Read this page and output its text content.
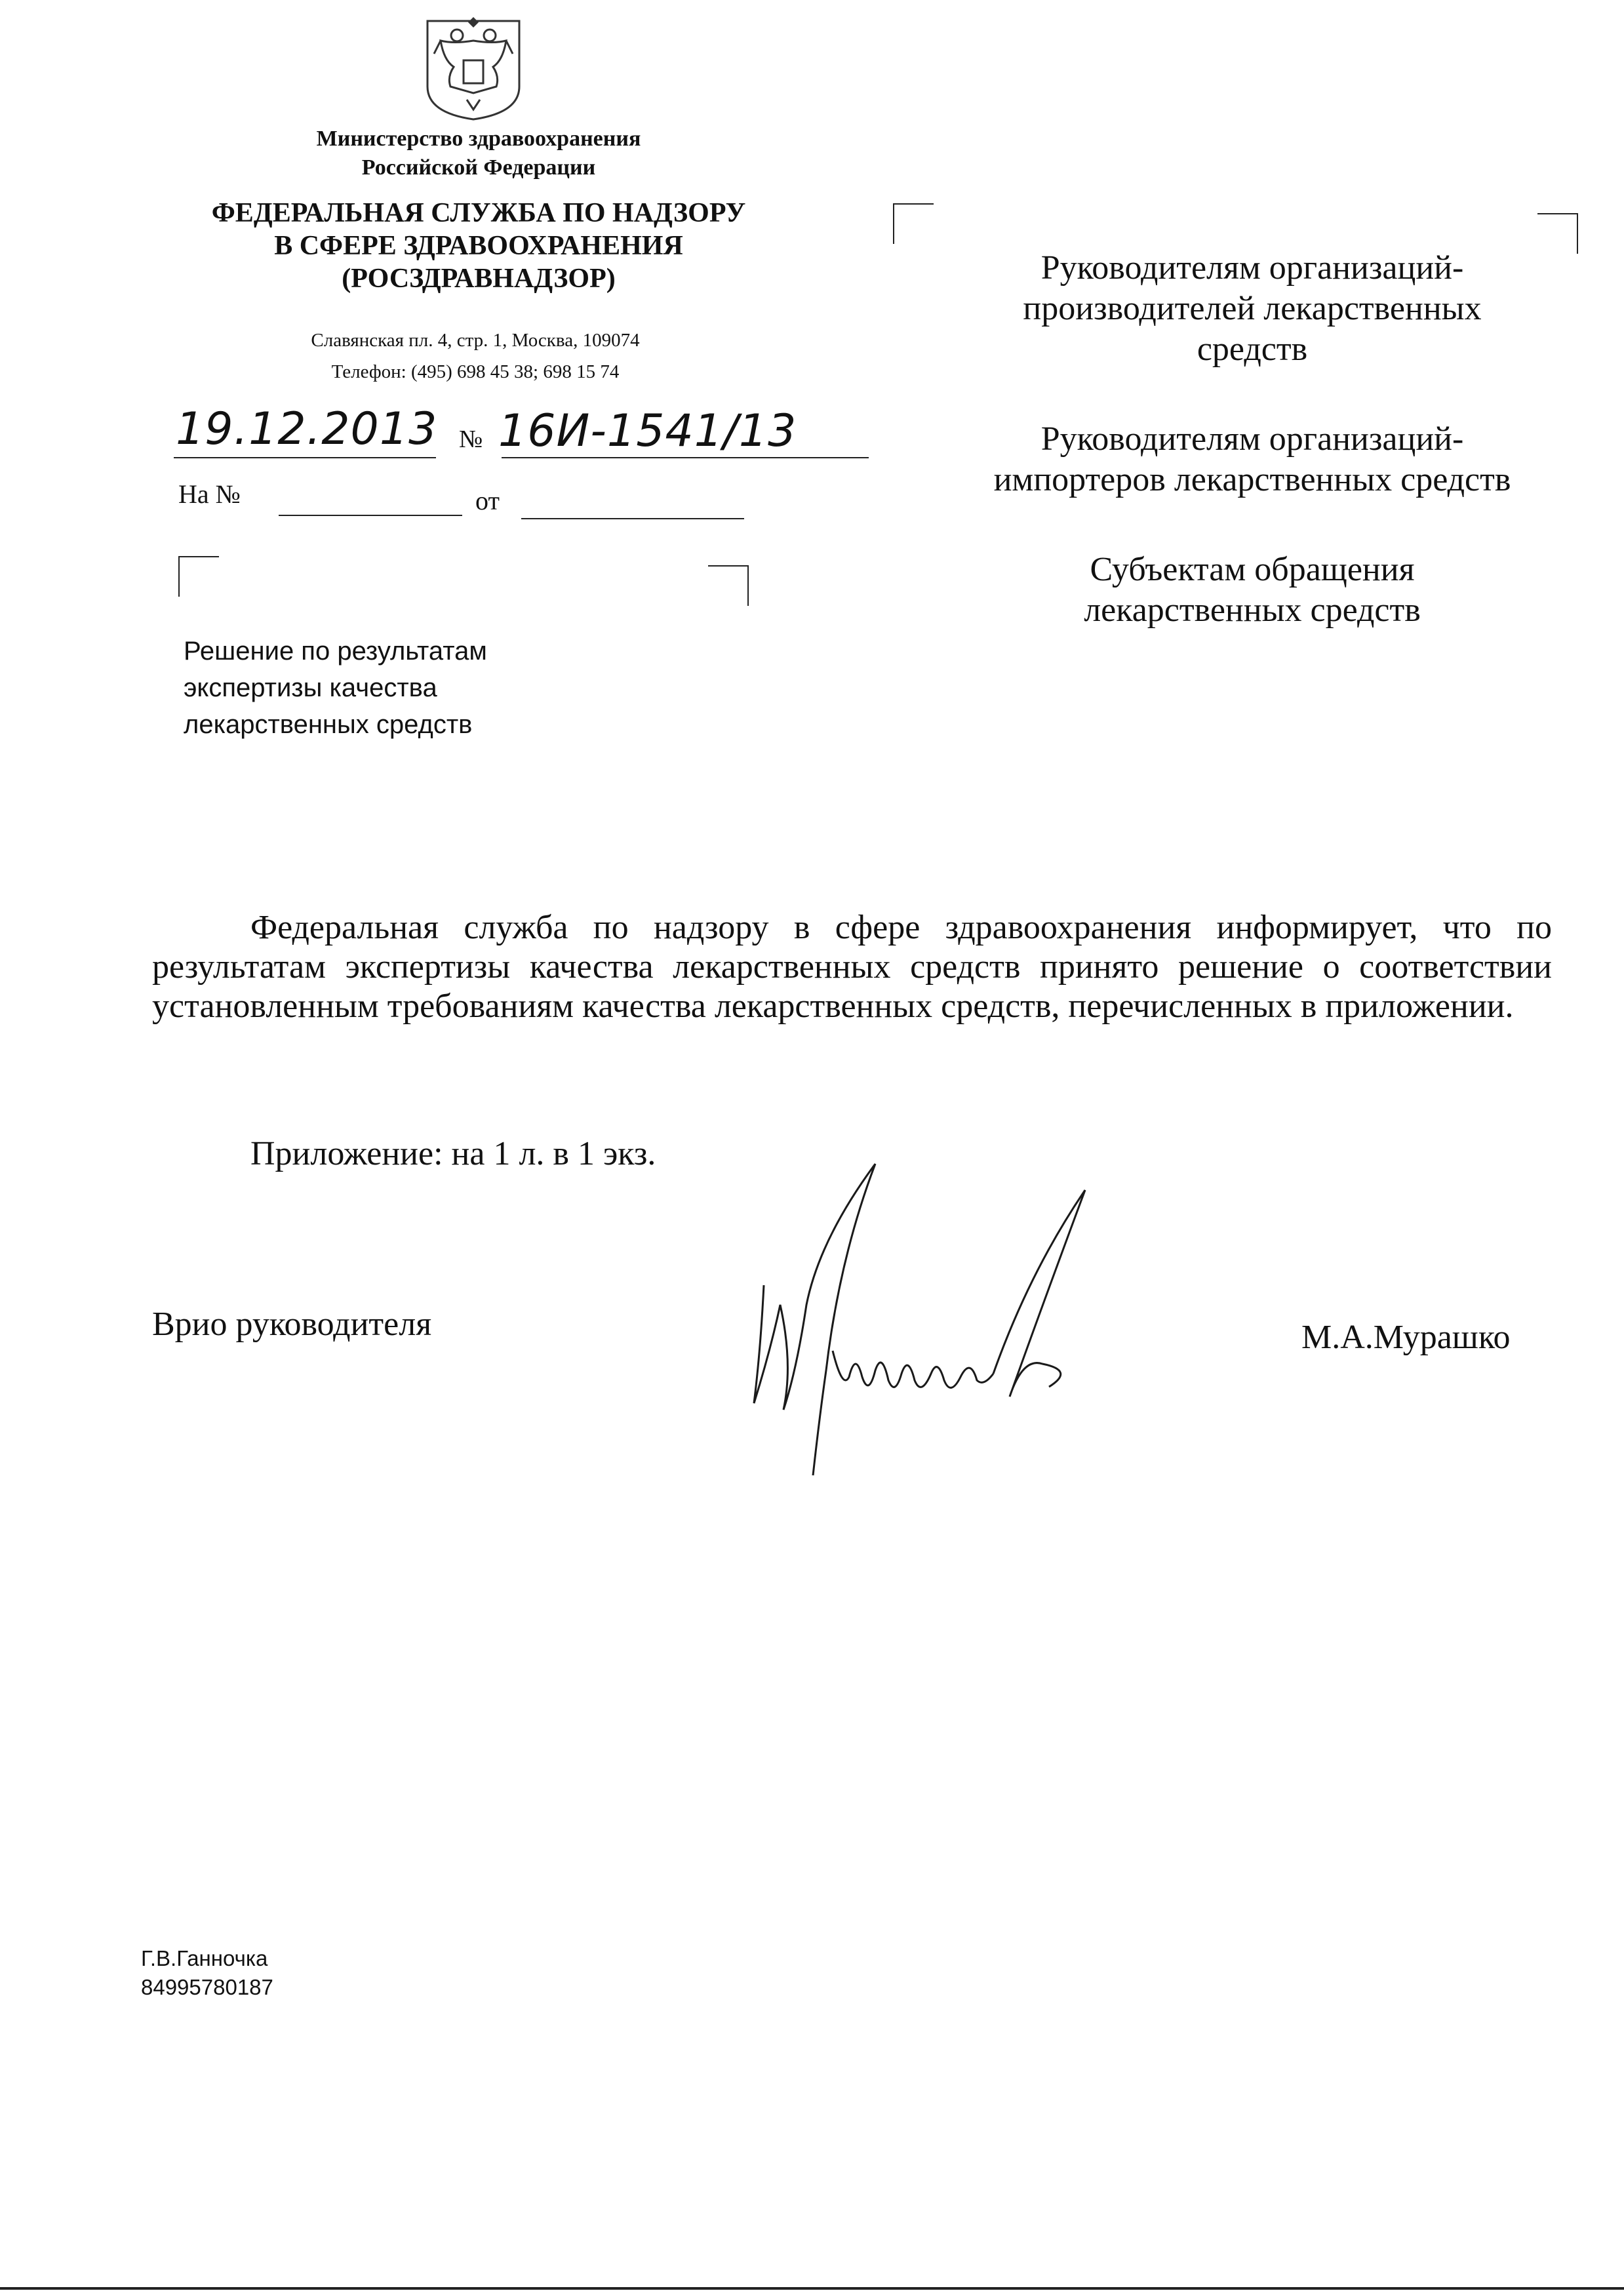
Министерство здравоохранения
Российской Федерации
ФЕДЕРАЛЬНАЯ СЛУЖБА ПО НАДЗОРУ
В СФЕРЕ ЗДРАВООХРАНЕНИЯ
(РОСЗДРАВНАДЗОР)
Славянская пл. 4, стр. 1, Москва, 109074
Телефон: (495) 698 45 38; 698 15 74
19.12.2013 № 16И-1541/13
На №	от
Решение по результатам
экспертизы качества
лекарственных средств

Руководителям организаций-
производителей лекарственных
средств

Руководителям организаций-
импортеров лекарственных средств

Субъектам обращения
лекарственных средств

Федеральная служба по надзору в сфере здравоохранения информирует, что по результатам экспертизы качества лекарственных средств принято решение о соответствии установленным требованиям качества лекарственных средств, перечисленных в приложении.

Приложение: на 1 л. в 1 экз.
Врио руководителя	М.А.Мурашко
Г.В.Ганночка
84995780187
